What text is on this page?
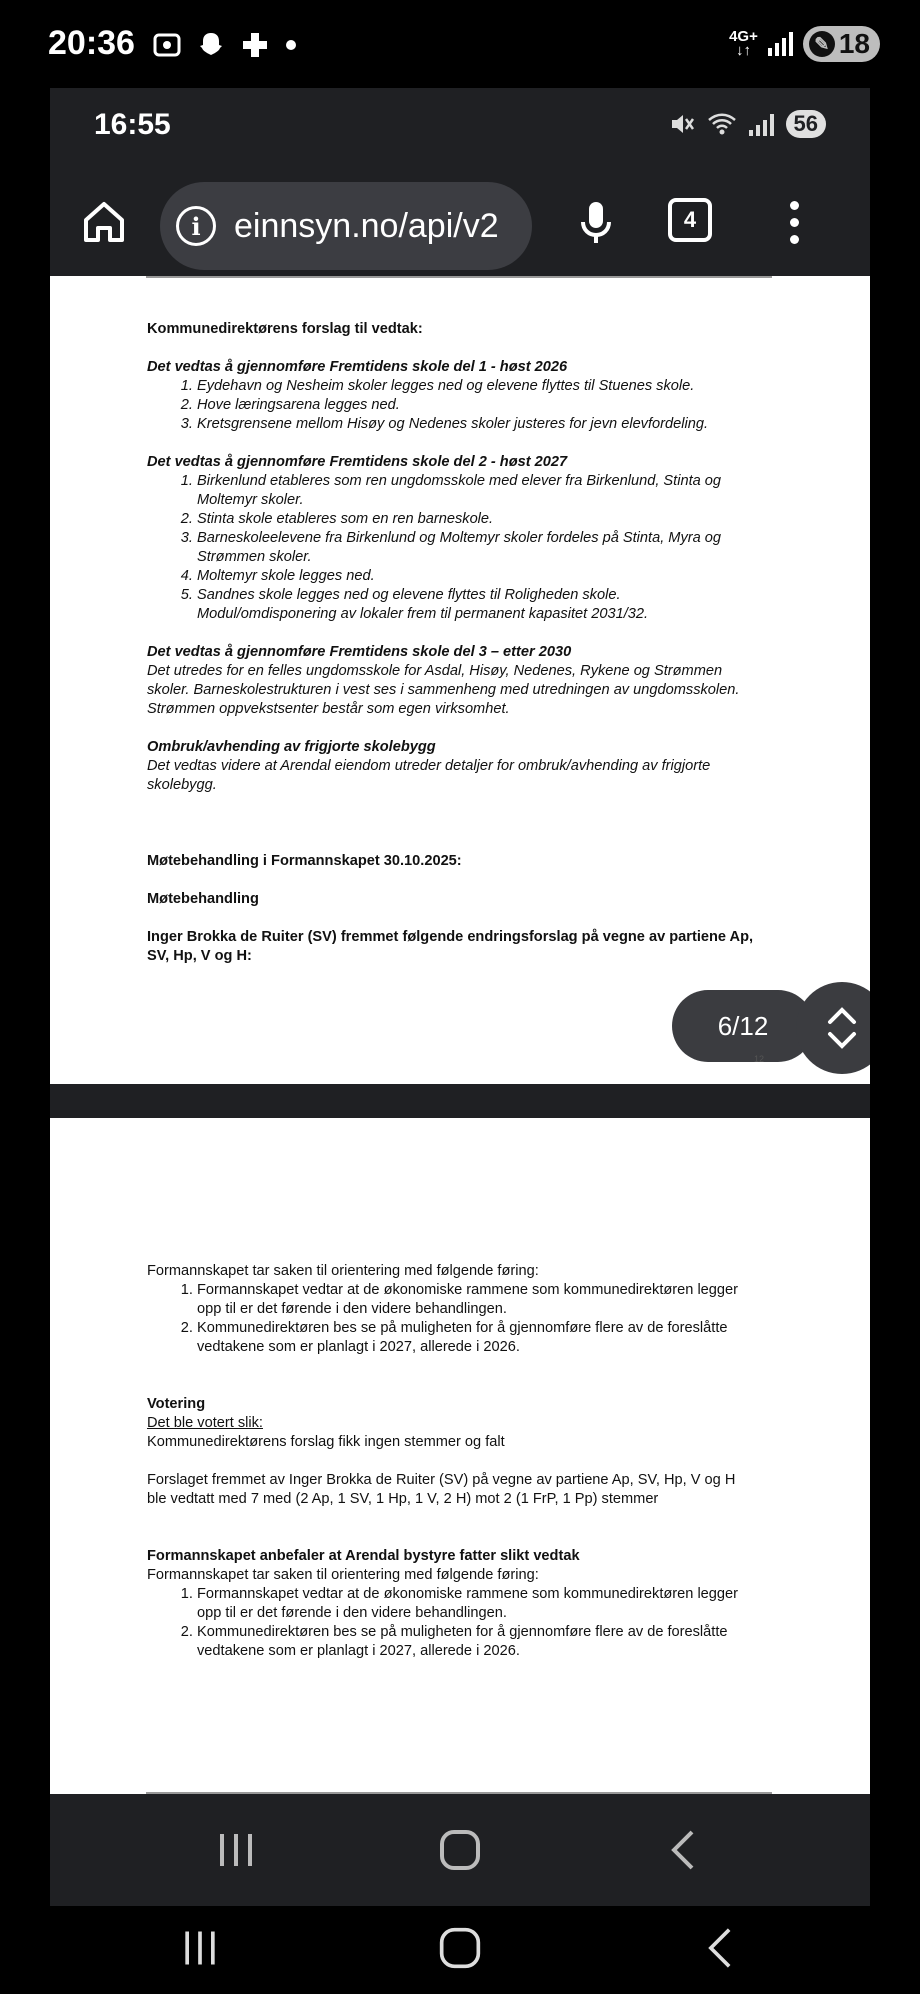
20:36	4G+
↓↑	✎ 18
16:55	56
i einnsyn.no/api/v2	4
Kommunedirektørens forslag til vedtak:
Det vedtas å gjennomføre Fremtidens skole del 1 - høst 2026
1. Eydehavn og Nesheim skoler legges ned og elevene flyttes til Stuenes skole.
2. Hove læringsarena legges ned.
3. Kretsgrensene mellom Hisøy og Nedenes skoler justeres for jevn elevfordeling.
Det vedtas å gjennomføre Fremtidens skole del 2 - høst 2027
1. Birkenlund etableres som ren ungdomsskole med elever fra Birkenlund, Stinta og Moltemyr skoler.
2. Stinta skole etableres som en ren barneskole.
3. Barneskoleelevene fra Birkenlund og Moltemyr skoler fordeles på Stinta, Myra og Strømmen skoler.
4. Moltemyr skole legges ned.
5. Sandnes skole legges ned og elevene flyttes til Roligheden skole. Modul/omdisponering av lokaler frem til permanent kapasitet 2031/32.
Det vedtas å gjennomføre Fremtidens skole del 3 – etter 2030
Det utredes for en felles ungdomsskole for Asdal, Hisøy, Nedenes, Rykene og Strømmen skoler. Barneskolestrukturen i vest ses i sammenheng med utredningen av ungdomsskolen. Strømmen oppvekstsenter består som egen virksomhet.
Ombruk/avhending av frigjorte skolebygg
Det vedtas videre at Arendal eiendom utreder detaljer for ombruk/avhending av frigjorte skolebygg.
Møtebehandling i Formannskapet 30.10.2025:
Møtebehandling
Inger Brokka de Ruiter (SV) fremmet følgende endringsforslag på vegne av partiene Ap, SV, Hp, V og H:
6/12
12
Formannskapet tar saken til orientering med følgende føring:
1. Formannskapet vedtar at de økonomiske rammene som kommunedirektøren legger opp til er det førende i den videre behandlingen.
2. Kommunedirektøren bes se på muligheten for å gjennomføre flere av de foreslåtte vedtakene som er planlagt i 2027, allerede i 2026.
Votering
Det ble votert slik:
Kommunedirektørens forslag fikk ingen stemmer og falt
Forslaget fremmet av Inger Brokka de Ruiter (SV) på vegne av partiene Ap, SV, Hp, V og H ble vedtatt med 7 med (2 Ap, 1 SV, 1 Hp, 1 V, 2 H) mot 2 (1 FrP, 1 Pp) stemmer
Formannskapet anbefaler at Arendal bystyre fatter slikt vedtak
Formannskapet tar saken til orientering med følgende føring:
1. Formannskapet vedtar at de økonomiske rammene som kommunedirektøren legger opp til er det førende i den videre behandlingen.
2. Kommunedirektøren bes se på muligheten for å gjennomføre flere av de foreslåtte vedtakene som er planlagt i 2027, allerede i 2026.
